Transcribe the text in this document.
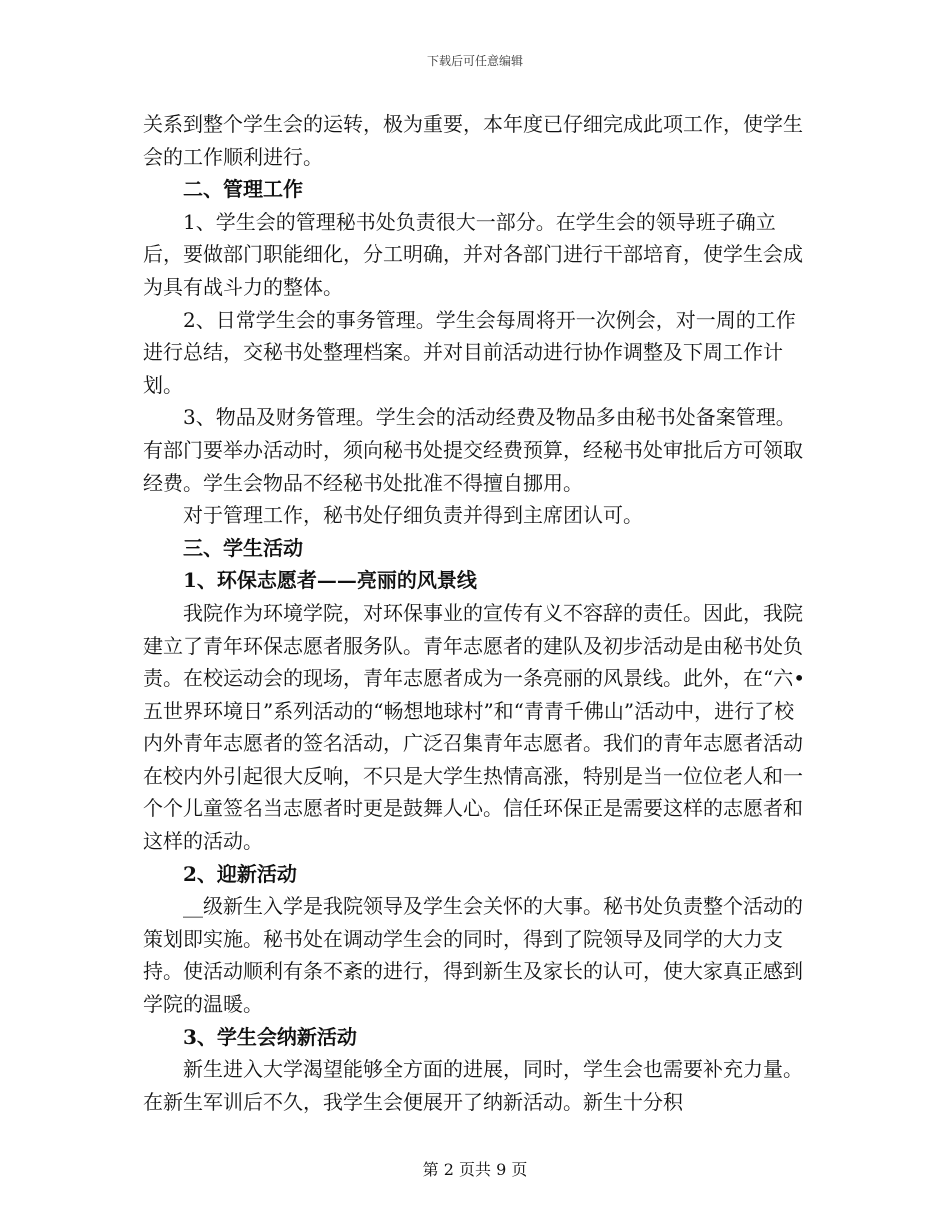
下载后可任意编辑

关系到整个学生会的运转，极为重要，本年度已仔细完成此项工作，使学生会的工作顺利进行。

二、管理工作

1、学生会的管理秘书处负责很大一部分。在学生会的领导班子确立后，要做部门职能细化，分工明确，并对各部门进行干部培育，使学生会成为具有战斗力的整体。

2、日常学生会的事务管理。学生会每周将开一次例会，对一周的工作进行总结，交秘书处整理档案。并对目前活动进行协作调整及下周工作计划。

3、物品及财务管理。学生会的活动经费及物品多由秘书处备案管理。有部门要举办活动时，须向秘书处提交经费预算，经秘书处审批后方可领取经费。学生会物品不经秘书处批准不得擅自挪用。

对于管理工作，秘书处仔细负责并得到主席团认可。

三、学生活动

1、环保志愿者——亮丽的风景线

我院作为环境学院，对环保事业的宣传有义不容辞的责任。因此，我院建立了青年环保志愿者服务队。青年志愿者的建队及初步活动是由秘书处负责。在校运动会的现场，青年志愿者成为一条亮丽的风景线。此外，在“六•五世界环境日”系列活动的“畅想地球村”和“青青千佛山”活动中，进行了校内外青年志愿者的签名活动，广泛召集青年志愿者。我们的青年志愿者活动在校内外引起很大反响，不只是大学生热情高涨，特别是当一位位老人和一个个儿童签名当志愿者时更是鼓舞人心。信任环保正是需要这样的志愿者和这样的活动。

2、迎新活动

__级新生入学是我院领导及学生会关怀的大事。秘书处负责整个活动的策划即实施。秘书处在调动学生会的同时，得到了院领导及同学的大力支持。使活动顺利有条不紊的进行，得到新生及家长的认可，使大家真正感到学院的温暖。

3、学生会纳新活动

新生进入大学渴望能够全方面的进展，同时，学生会也需要补充力量。在新生军训后不久，我学生会便展开了纳新活动。新生十分积

第 2 页共 9 页
